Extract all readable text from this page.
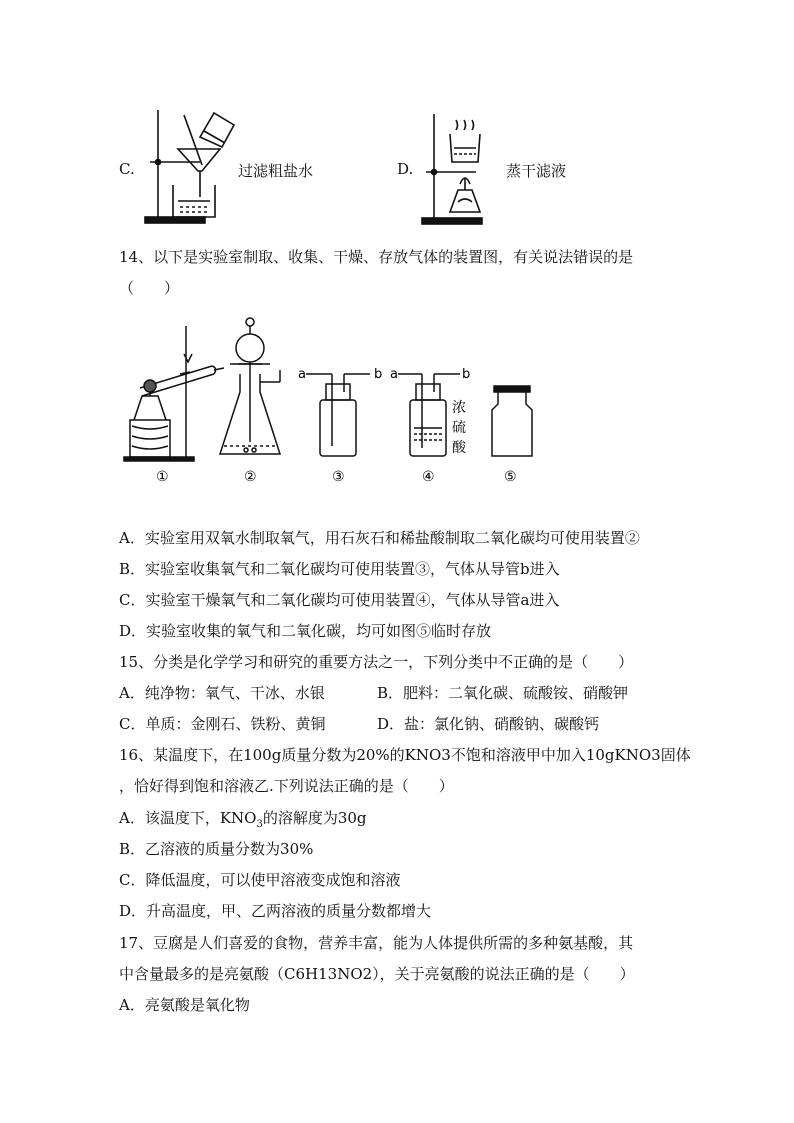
C.	过滤粗盐水	D.	蒸干滤液
14、以下是实验室制取、收集、干燥、存放气体的装置图，有关说法错误的是
（　　）
a	b a	b
浓
硫
酸
①	②	③	④	⑤
A．实验室用双氧水制取氧气，用石灰石和稀盐酸制取二氧化碳均可使用装置②
B．实验室收集氧气和二氧化碳均可使用装置③，气体从导管b进入
C．实验室干燥氧气和二氧化碳均可使用装置④，气体从导管a进入
D．实验室收集的氧气和二氧化碳，均可如图⑤临时存放
15、分类是化学学习和研究的重要方法之一，下列分类中不正确的是（　　）
A．纯净物：氧气、干冰、水银	B．肥料：二氧化碳、硫酸铵、硝酸钾
C．单质：金刚石、铁粉、黄铜	D．盐：氯化钠、硝酸钠、碳酸钙
16、某温度下，在100g质量分数为20%的KNO3不饱和溶液甲中加入10gKNO3固体
，恰好得到饱和溶液乙.下列说法正确的是（　　）
A．该温度下，$KNO_3$的溶解度为30g
B．乙溶液的质量分数为30%
C．降低温度，可以使甲溶液变成饱和溶液
D．升高温度，甲、乙两溶液的质量分数都增大
17、豆腐是人们喜爱的食物，营养丰富，能为人体提供所需的多种氨基酸，其
中含量最多的是亮氨酸（C6H13NO2），关于亮氨酸的说法正确的是（　　）
A．亮氨酸是氧化物
